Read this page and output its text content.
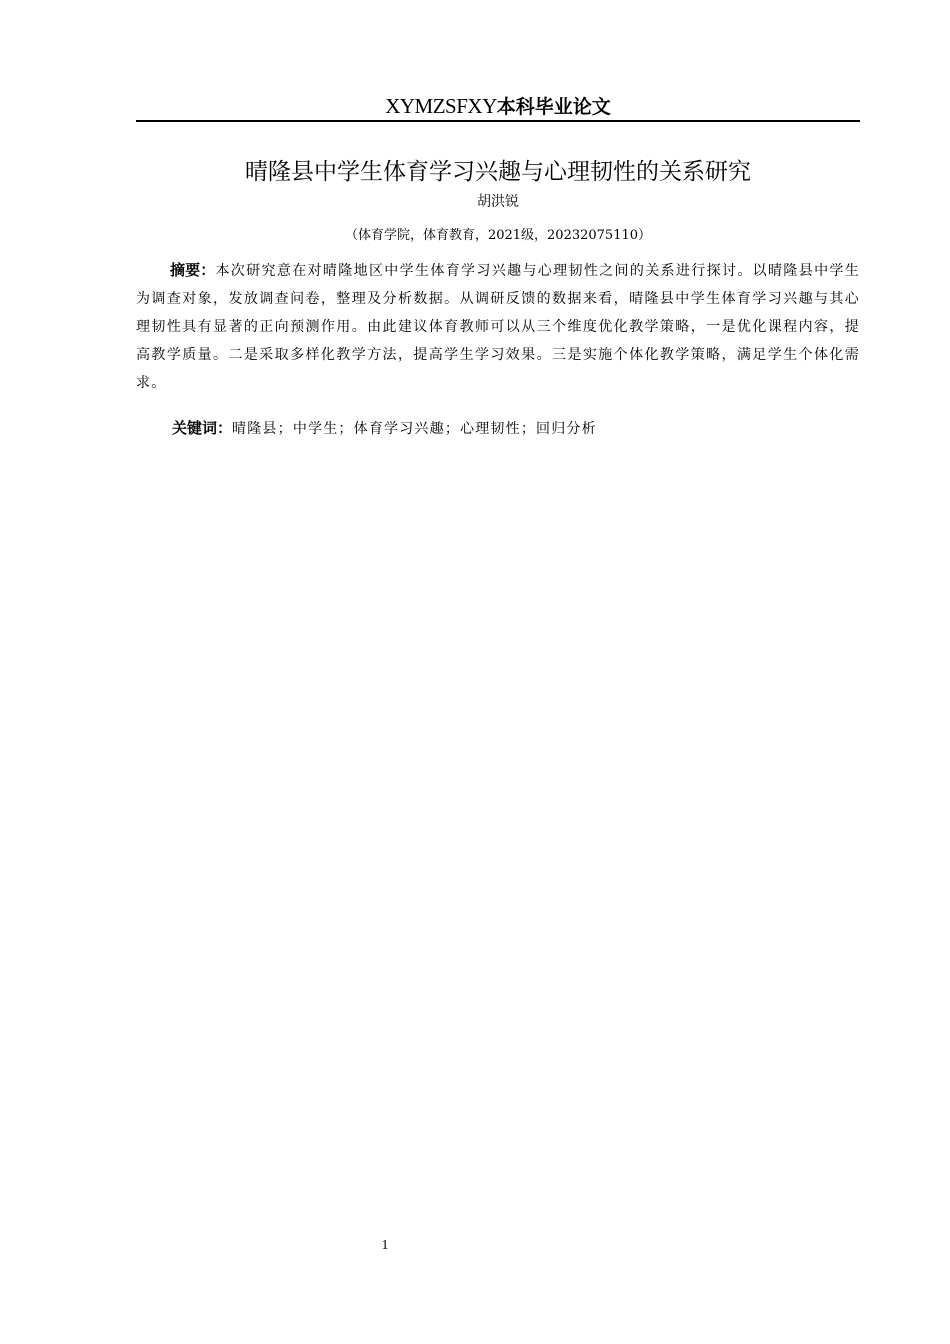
XYMZSFXY本科毕业论文
晴隆县中学生体育学习兴趣与心理韧性的关系研究
胡洪锐
（体育学院，体育教育，2021级，20232075110）

摘要：本次研究意在对晴隆地区中学生体育学习兴趣与心理韧性之间的关系进行探讨。以晴隆县中学生为调查对象，发放调查问卷，整理及分析数据。从调研反馈的数据来看，晴隆县中学生体育学习兴趣与其心理韧性具有显著的正向预测作用。由此建议体育教师可以从三个维度优化教学策略，一是优化课程内容，提高教学质量。二是采取多样化教学方法，提高学生学习效果。三是实施个体化教学策略，满足学生个体化需求。

关键词：晴隆县；中学生；体育学习兴趣；心理韧性；回归分析
1
